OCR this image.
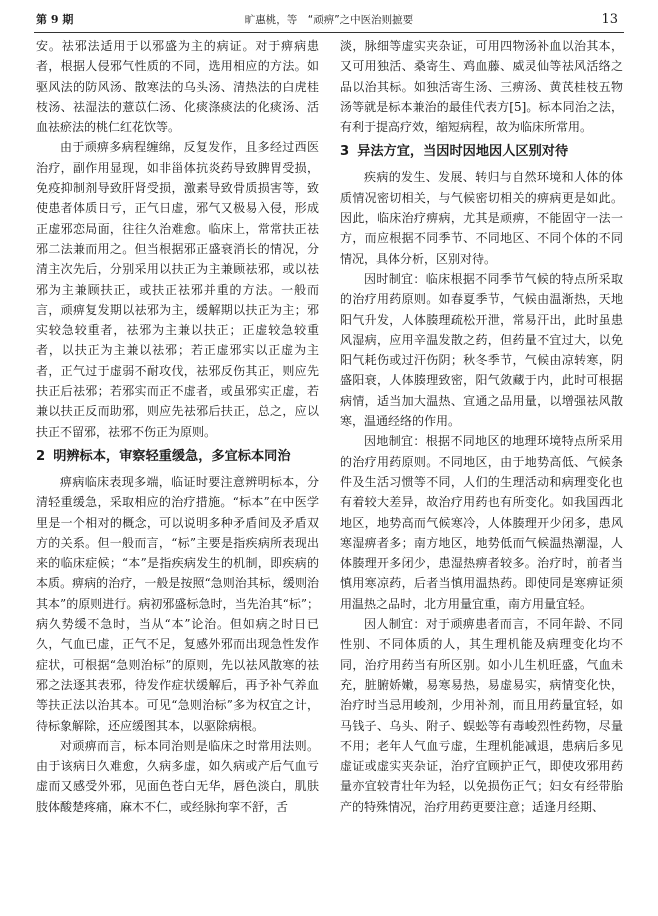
第 9 期	旷惠桃，等　“顽痹”之中医治则摭要	13

安。祛邪法适用于以邪盛为主的病证。对于痹病患者，根据人侵邪气性质的不同，选用相应的方法。如驱风法的防风汤、散寒法的乌头汤、清热法的白虎桂枝汤、祛湿法的薏苡仁汤、化痰涤痰法的化痰汤、活血祛瘀法的桃仁红花饮等。

由于顽痹多病程缠绵，反复发作，且多经过西医治疗，副作用显现，如非甾体抗炎药导致脾胃受损，免疫抑制剂导致肝肾受损，激素导致骨质损害等，致使患者体质日亏，正气日虚，邪气又极易入侵，形成正虚邪恋局面，往往久治难愈。临床上，常常扶正祛邪二法兼而用之。但当根据邪正盛衰消长的情况，分清主次先后，分别采用以扶正为主兼顾祛邪，或以祛邪为主兼顾扶正，或扶正祛邪并重的方法。一般而言，顽痹复发期以祛邪为主，缓解期以扶正为主；邪实较急较重者，祛邪为主兼以扶正；正虚较急较重者，以扶正为主兼以祛邪；若正虚邪实以正虚为主者，正气过于虚弱不耐攻伐，祛邪反伤其正，则应先扶正后祛邪；若邪实而正不虚者，或虽邪实正虚，若兼以扶正反而助邪，则应先祛邪后扶正，总之，应以扶正不留邪，祛邪不伤正为原则。

2 明辨标本，审察轻重缓急，多宜标本同治

痹病临床表现多端，临证时要注意辨明标本，分清轻重缓急，采取相应的治疗措施。“标本”在中医学里是一个相对的概念，可以说明多种矛盾间及矛盾双方的关系。但一般而言，“标”主要是指疾病所表现出来的临床症候；“本”是指疾病发生的机制，即疾病的本质。痹病的治疗，一般是按照“急则治其标，缓则治其本”的原则进行。病初邪盛标急时，当先治其“标”；病久势缓不急时，当从“本”论治。但如病之时日已久，气血已虚，正气不足，复感外邪而出现急性发作症状，可根据“急则治标”的原则，先以祛风散寒的祛邪之法逐其表邪，待发作症状缓解后，再予补气养血等扶正法以治其本。可见“急则治标”多为权宜之计，待标象解除，还应缓图其本，以驱除病根。

对顽痹而言，标本同治则是临床之时常用法则。由于该病日久难愈，久病多虚，如久病或产后气血亏虚而又感受外邪，见面色苍白无华，唇色淡白，肌肤肢体酸楚疼痛，麻木不仁，或经脉拘挛不舒，舌

淡，脉细等虚实夹杂证，可用四物汤补血以治其本，又可用独活、桑寄生、鸡血藤、威灵仙等祛风活络之品以治其标。如独活寄生汤、三痹汤、黄芪桂枝五物汤等就是标本兼治的最佳代表方[5]。标本同治之法，有利于提高疗效，缩短病程，故为临床所常用。

3 异法方宜，当因时因地因人区别对待

疾病的发生、发展、转归与自然环境和人体的体质情况密切相关，与气候密切相关的痹病更是如此。因此，临床治疗痹病，尤其是顽痹，不能固守一法一方，而应根据不同季节、不同地区、不同个体的不同情况，具体分析，区别对待。

因时制宜：临床根据不同季节气候的特点所采取的治疗用药原则。如春夏季节，气候由温渐热，天地阳气升发，人体腠理疏松开泄，常易汗出，此时虽患风湿病，应用辛温发散之药，但药量不宜过大，以免阳气耗伤或过汗伤阴；秋冬季节，气候由凉转寒，阴盛阳衰，人体腠理致密，阳气敛藏于内，此时可根据病情，适当加大温热、宣通之品用量，以增强祛风散寒，温通经络的作用。

因地制宜：根据不同地区的地理环境特点所采用的治疗用药原则。不同地区，由于地势高低、气候条件及生活习惯等不同，人们的生理活动和病理变化也有着较大差异，故治疗用药也有所变化。如我国西北地区，地势高而气候寒冷，人体腠理开少闭多，患风寒湿痹者多；南方地区，地势低而气候温热潮湿，人体腠理开多闭少，患湿热痹者较多。治疗时，前者当慎用寒凉药，后者当慎用温热药。即使同是寒痹证须用温热之品时，北方用量宜重，南方用量宜轻。

因人制宜：对于顽痹患者而言，不同年龄、不同性别、不同体质的人，其生理机能及病理变化均不同，治疗用药当有所区别。如小儿生机旺盛，气血未充，脏腑娇嫩，易寒易热，易虚易实，病情变化快，治疗时当忌用峻剂，少用补剂，而且用药量宜轻，如马钱子、乌头、附子、蜈蚣等有毒峻烈性药物，尽量不用；老年人气血亏虚，生理机能减退，患病后多见虚证或虚实夹杂证，治疗宜顾护正气，即使攻邪用药量亦宜较青壮年为轻，以免损伤正气；妇女有经带胎产的特殊情况，治疗用药更要注意；适逢月经期、
